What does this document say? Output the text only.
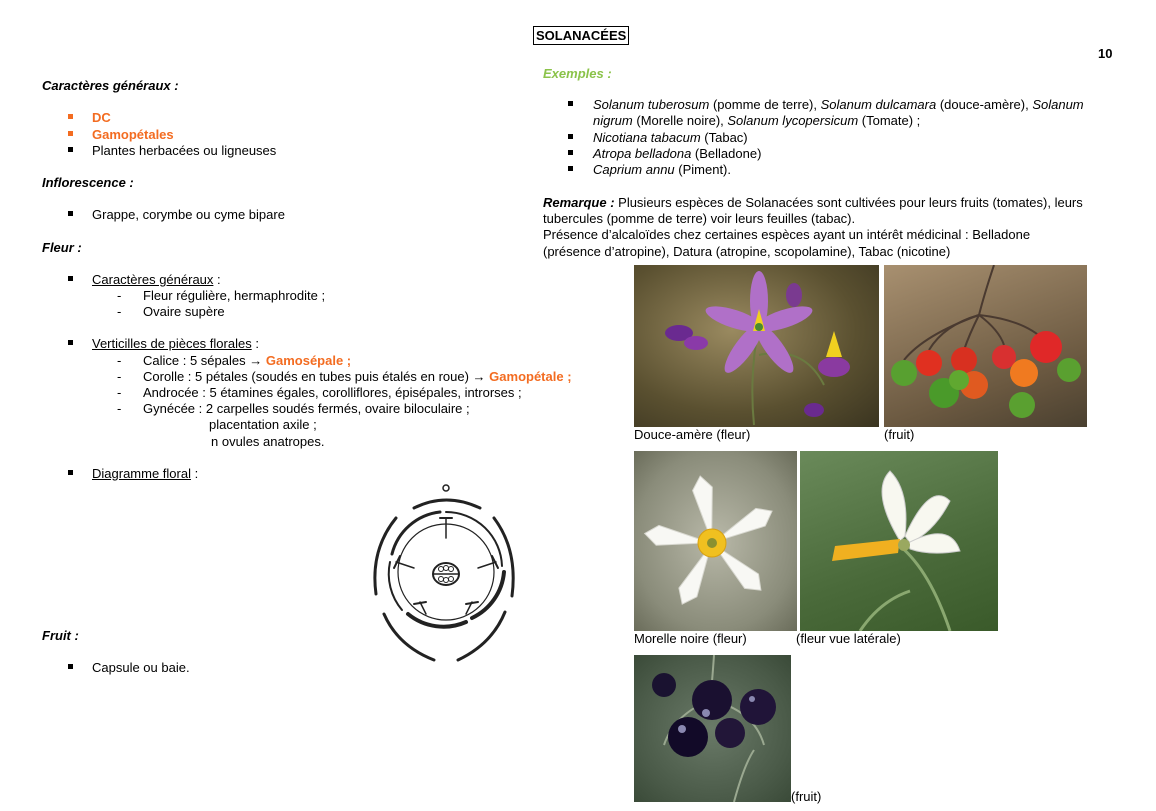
SOLANACÉES
10
Caractères généraux :
DC
Gamopétales
Plantes herbacées ou ligneuses
Inflorescence :
Grappe, corymbe ou cyme bipare
Fleur :
Caractères généraux :
- Fleur régulière, hermaphrodite ;
- Ovaire supère
Verticilles de pièces florales :
- Calice : 5 sépales → Gamosépale ;
- Corolle : 5 pétales (soudés en tubes puis étalés en roue) → Gamopétale ;
- Androcée : 5 étamines égales, corolliflores, épisépales, introrses ;
- Gynécée : 2 carpelles soudés fermés, ovaire biloculaire ;
placentation axile ;
n ovules anatropes.
Diagramme floral :
Fruit :
Capsule ou baie.
Exemples :
Solanum tuberosum (pomme de terre), Solanum dulcamara (douce-amère), Solanum
nigrum (Morelle noire), Solanum lycopersicum (Tomate) ;
Nicotiana tabacum (Tabac)
Atropa belladona (Belladone)
Caprium annu (Piment).
Remarque : Plusieurs espèces de Solanacées sont cultivées pour leurs fruits (tomates), leurs
tubercules (pomme de terre) voir leurs feuilles (tabac).
Présence d’alcaloïdes chez certaines espèces ayant un intérêt médicinal : Belladone
(présence d’atropine), Datura (atropine, scopolamine), Tabac (nicotine)
Douce-amère (fleur)	(fruit)
Morelle noire (fleur)	(fleur vue latérale)
(fruit)
